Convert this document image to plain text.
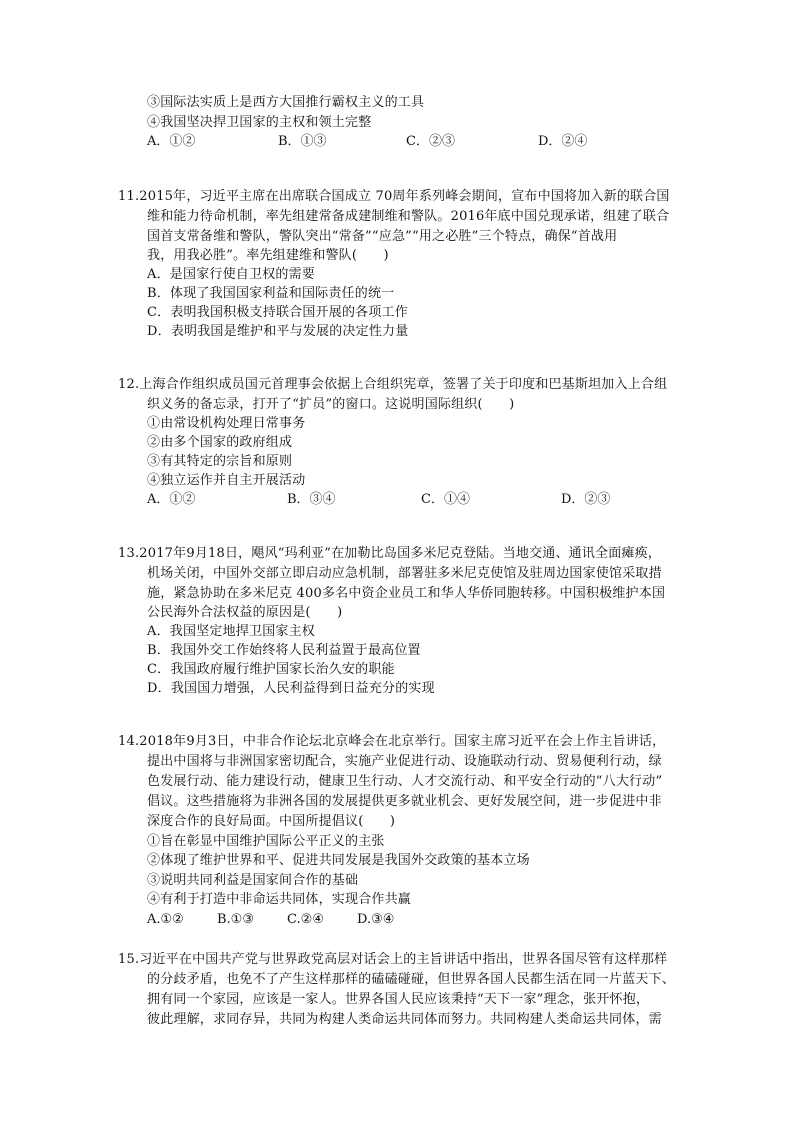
③国际法实质上是西方大国推行霸权主义的工具
④我国坚决捍卫国家的主权和领土完整
A．①②	B．①③	C．②③	D．②④
11.2015年，习近平主席在出席联合国成立 70周年系列峰会期间，宣布中国将加入新的联合国
维和能力待命机制，率先组建常备成建制维和警队。2016年底中国兑现承诺，组建了联合
国首支常备维和警队，警队突出“常备”“应急”“用之必胜”三个特点，确保“首战用
我，用我必胜”。率先组建维和警队(　　)
A．是国家行使自卫权的需要
B．体现了我国国家利益和国际责任的统一
C．表明我国积极支持联合国开展的各项工作
D．表明我国是维护和平与发展的决定性力量
12.上海合作组织成员国元首理事会依据上合组织宪章，签署了关于印度和巴基斯坦加入上合组
织义务的备忘录，打开了“扩员”的窗口。这说明国际组织(　　)
①由常设机构处理日常事务
②由多个国家的政府组成
③有其特定的宗旨和原则
④独立运作并自主开展活动
A．①②	B．③④	C．①④	D．②③
13.2017年9月18日，飓风“玛利亚”在加勒比岛国多米尼克登陆。当地交通、通讯全面瘫痪，
机场关闭，中国外交部立即启动应急机制，部署驻多米尼克使馆及驻周边国家使馆采取措
施，紧急协助在多米尼克 400多名中资企业员工和华人华侨同胞转移。中国积极维护本国
公民海外合法权益的原因是(　　)
A．我国坚定地捍卫国家主权
B．我国外交工作始终将人民利益置于最高位置
C．我国政府履行维护国家长治久安的职能
D．我国国力增强，人民利益得到日益充分的实现
14.2018年9月3日，中非合作论坛北京峰会在北京举行。国家主席习近平在会上作主旨讲话，
提出中国将与非洲国家密切配合，实施产业促进行动、设施联动行动、贸易便利行动，绿
色发展行动、能力建设行动，健康卫生行动、人才交流行动、和平安全行动的“八大行动”
倡议。这些措施将为非洲各国的发展提供更多就业机会、更好发展空间，进一步促进中非
深度合作的良好局面。中国所提倡议(　　)
①旨在彰显中国维护国际公平正义的主张
②体现了维护世界和平、促进共同发展是我国外交政策的基本立场
③说明共同利益是国家间合作的基础
④有利于打造中非命运共同体，实现合作共赢
A.①②	B.①③	C.②④	D.③④
15.习近平在中国共产党与世界政党高层对话会上的主旨讲话中指出，世界各国尽管有这样那样
的分歧矛盾，也免不了产生这样那样的磕磕碰碰，但世界各国人民都生活在同一片蓝天下、
拥有同一个家园，应该是一家人。世界各国人民应该秉持“天下一家”理念，张开怀抱，
彼此理解，求同存异，共同为构建人类命运共同体而努力。共同构建人类命运共同体，需
